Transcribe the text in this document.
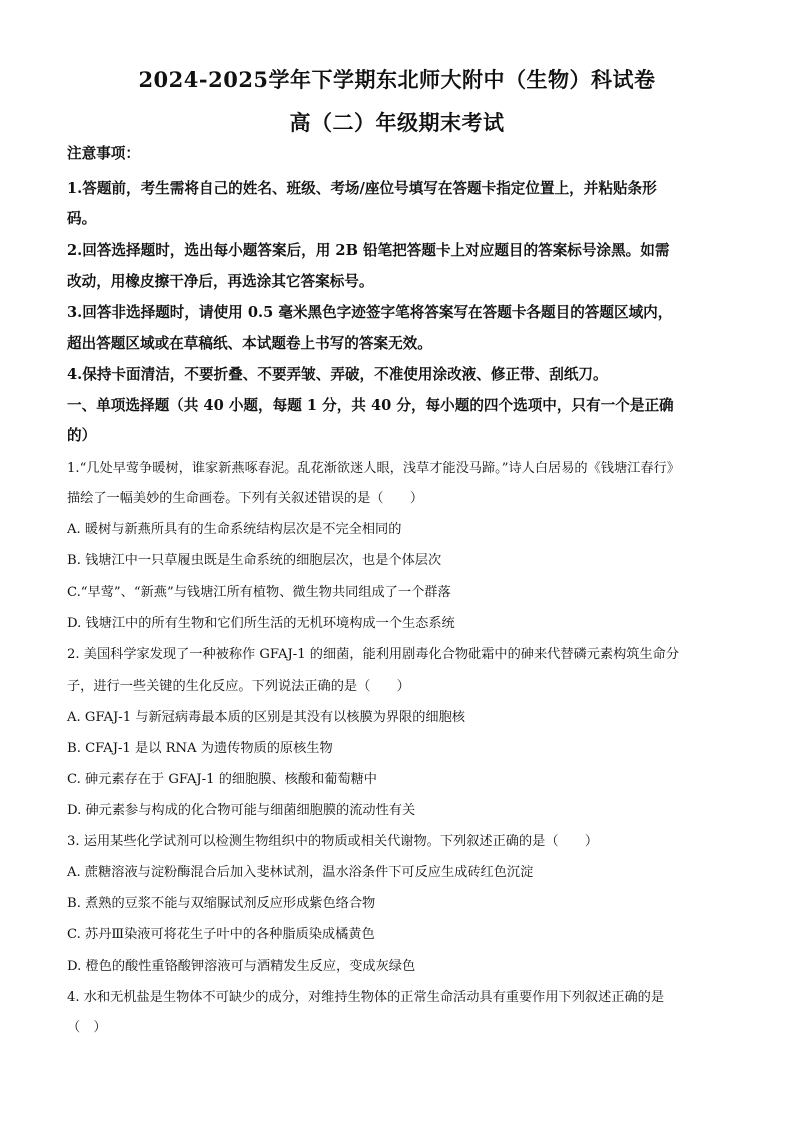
2024-2025学年下学期东北师大附中（生物）科试卷
高（二）年级期末考试
注意事项：
1.答题前，考生需将自己的姓名、班级、考场/座位号填写在答题卡指定位置上，并粘贴条形
码。
2.回答选择题时，选出每小题答案后，用 2B 铅笔把答题卡上对应题目的答案标号涂黑。如需
改动，用橡皮擦干净后，再选涂其它答案标号。
3.回答非选择题时，请使用 0.5 毫米黑色字迹签字笔将答案写在答题卡各题目的答题区域内，
超出答题区域或在草稿纸、本试题卷上书写的答案无效。
4.保持卡面清洁，不要折叠、不要弄皱、弄破，不准使用涂改液、修正带、刮纸刀。
一、单项选择题（共 40 小题，每题 1 分，共 40 分，每小题的四个选项中，只有一个是正确
的）
1.“几处早莺争暖树，谁家新燕啄春泥。乱花渐欲迷人眼，浅草才能没马蹄。”诗人白居易的《钱塘江春行》
描绘了一幅美妙的生命画卷。下列有关叙述错误的是（　　）
A. 暖树与新燕所具有的生命系统结构层次是不完全相同的
B. 钱塘江中一只草履虫既是生命系统的细胞层次，也是个体层次
C.“早莺”、“新燕”与钱塘江所有植物、微生物共同组成了一个群落
D. 钱塘江中的所有生物和它们所生活的无机环境构成一个生态系统
2. 美国科学家发现了一种被称作 GFAJ-1 的细菌，能利用剧毒化合物砒霜中的砷来代替磷元素构筑生命分
子，进行一些关键的生化反应。下列说法正确的是（　　）
A. GFAJ-1 与新冠病毒最本质的区别是其没有以核膜为界限的细胞核
B. CFAJ-1 是以 RNA 为遗传物质的原核生物
C. 砷元素存在于 GFAJ-1 的细胞膜、核酸和葡萄糖中
D. 砷元素参与构成的化合物可能与细菌细胞膜的流动性有关
3. 运用某些化学试剂可以检测生物组织中的物质或相关代谢物。下列叙述正确的是（　　）
A. 蔗糖溶液与淀粉酶混合后加入斐林试剂，温水浴条件下可反应生成砖红色沉淀
B. 煮熟的豆浆不能与双缩脲试剂反应形成紫色络合物
C. 苏丹Ⅲ染液可将花生子叶中的各种脂质染成橘黄色
D. 橙色的酸性重铬酸钾溶液可与酒精发生反应，变成灰绿色
4. 水和无机盐是生物体不可缺少的成分，对维持生物体的正常生命活动具有重要作用下列叙述正确的是
（　）
